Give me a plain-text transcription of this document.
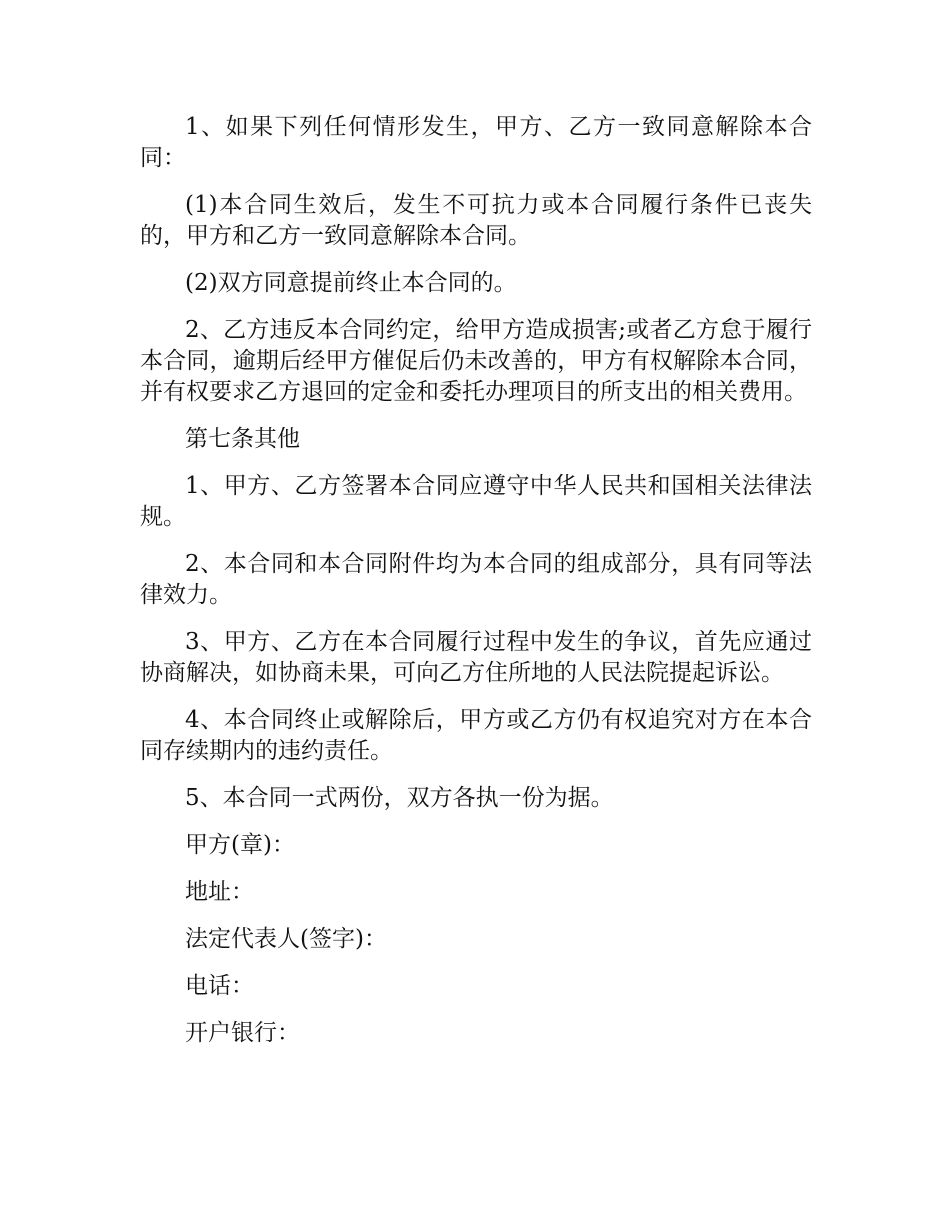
1、如果下列任何情形发生，甲方、乙方一致同意解除本合同：

(1)本合同生效后，发生不可抗力或本合同履行条件已丧失的，甲方和乙方一致同意解除本合同。

(2)双方同意提前终止本合同的。

2、乙方违反本合同约定，给甲方造成损害;或者乙方怠于履行本合同，逾期后经甲方催促后仍未改善的，甲方有权解除本合同，并有权要求乙方退回的定金和委托办理项目的所支出的相关费用。

第七条其他

1、甲方、乙方签署本合同应遵守中华人民共和国相关法律法规。

2、本合同和本合同附件均为本合同的组成部分，具有同等法律效力。

3、甲方、乙方在本合同履行过程中发生的争议，首先应通过协商解决，如协商未果，可向乙方住所地的人民法院提起诉讼。

4、本合同终止或解除后，甲方或乙方仍有权追究对方在本合同存续期内的违约责任。

5、本合同一式两份，双方各执一份为据。

甲方(章)：

地址：

法定代表人(签字)：

电话：

开户银行：
